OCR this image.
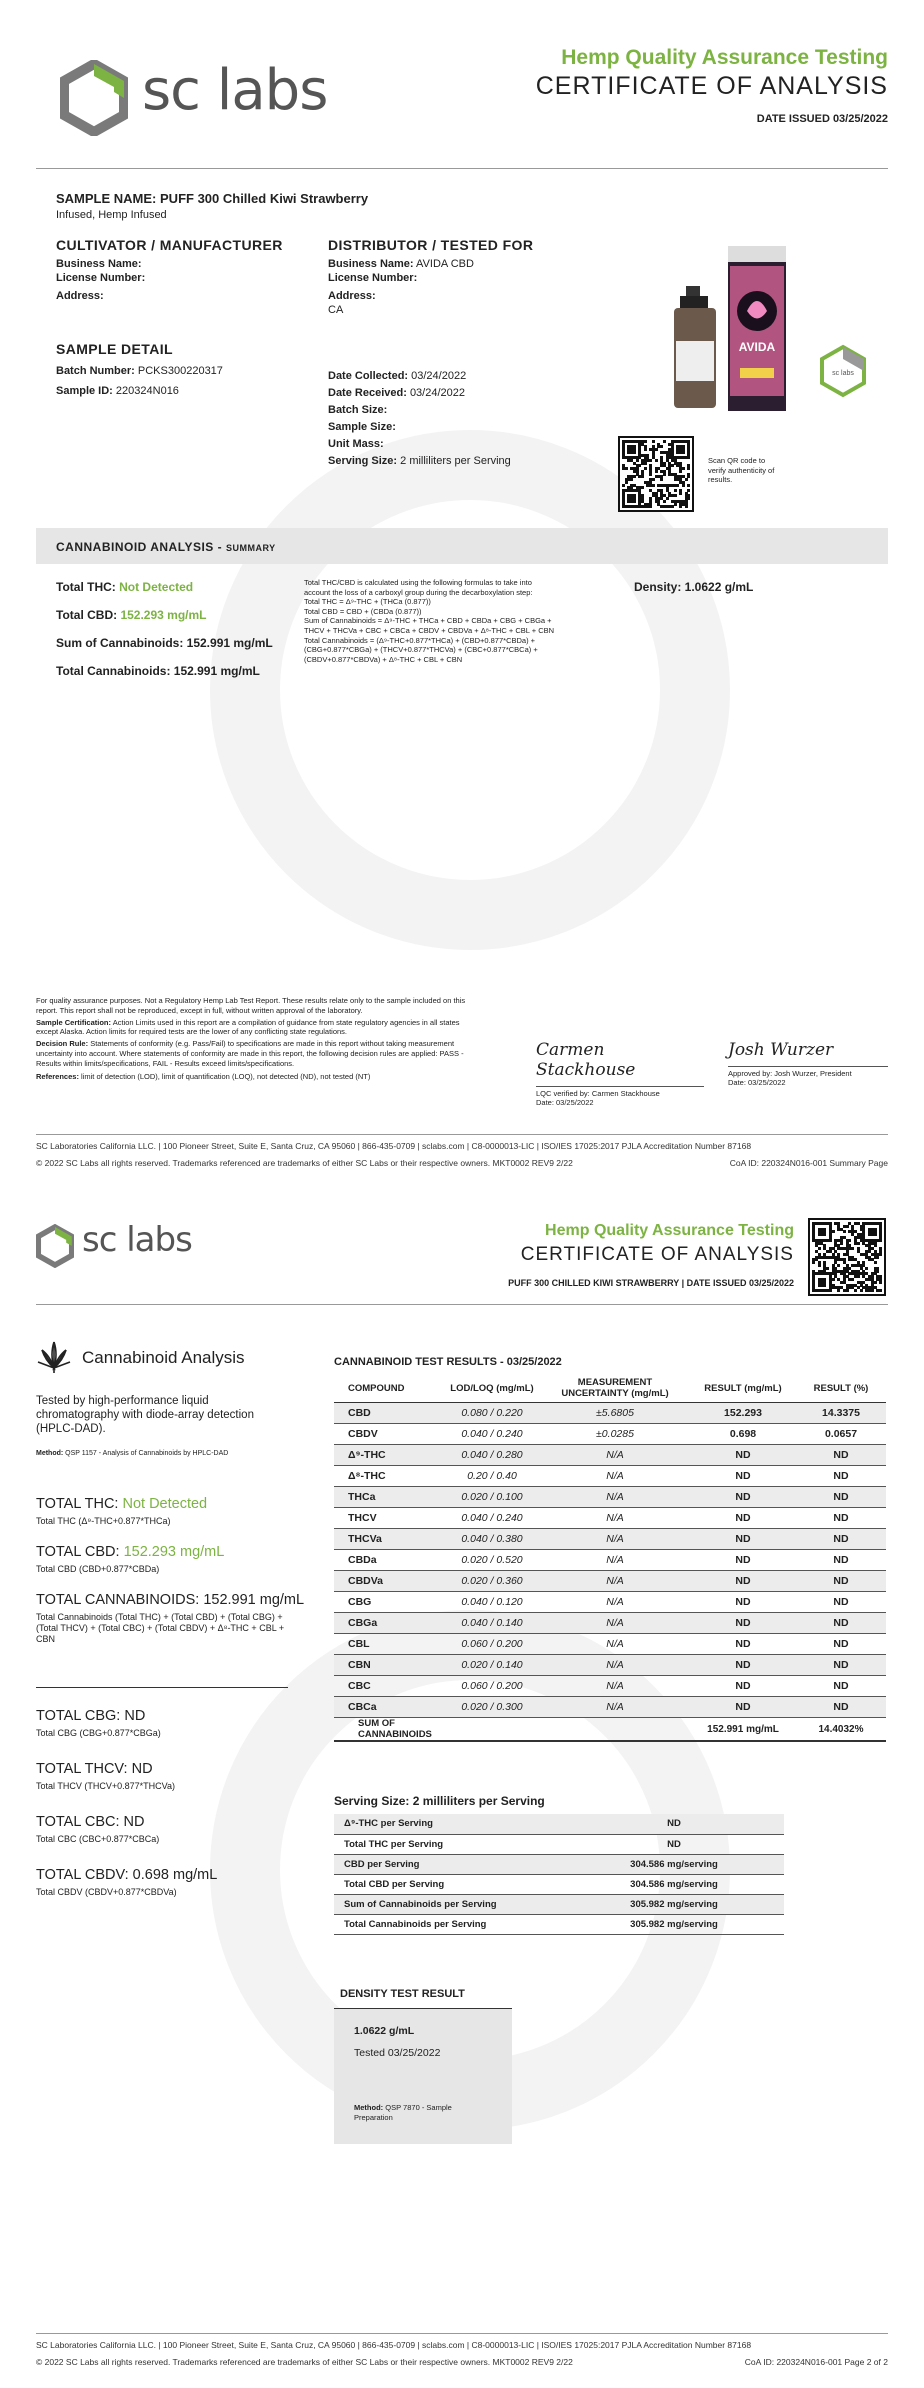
sc labs
Hemp Quality Assurance Testing
CERTIFICATE OF ANALYSIS
DATE ISSUED 03/25/2022
SAMPLE NAME: PUFF 300 Chilled Kiwi Strawberry
Infused, Hemp Infused
CULTIVATOR / MANUFACTURER
Business Name:
License Number:
Address:
DISTRIBUTOR / TESTED FOR
Business Name: AVIDA CBD
License Number:
Address:
CA
SAMPLE DETAIL
Batch Number: PCKS300220317
Sample ID: 220324N016
Date Collected: 03/24/2022
Date Received: 03/24/2022
Batch Size:
Sample Size:
Unit Mass:
Serving Size: 2 milliliters per Serving
AVIDA
sc labs
Scan QR code to verify authenticity of results.
CANNABINOID ANALYSIS - SUMMARY
Total THC: Not Detected
Total CBD: 152.293 mg/mL
Sum of Cannabinoids: 152.991 mg/mL
Total Cannabinoids: 152.991 mg/mL
Total THC/CBD is calculated using the following formulas to take into
account the loss of a carboxyl group during the decarboxylation step:
Total THC = Δ⁹-THC + (THCa (0.877))
Total CBD = CBD + (CBDa (0.877))
Sum of Cannabinoids = Δ⁹-THC + THCa + CBD + CBDa + CBG + CBGa +
THCV + THCVa + CBC + CBCa + CBDV + CBDVa + Δ⁸-THC + CBL + CBN
Total Cannabinoids = (Δ⁹-THC+0.877*THCa) + (CBD+0.877*CBDa) +
(CBG+0.877*CBGa) + (THCV+0.877*THCVa) + (CBC+0.877*CBCa) +
(CBDV+0.877*CBDVa) + Δ⁸-THC + CBL + CBN
Density: 1.0622 g/mL
For quality assurance purposes. Not a Regulatory Hemp Lab Test Report. These results relate only to the sample included on this report. This report shall not be reproduced, except in full, without written approval of the laboratory.
Sample Certification: Action Limits used in this report are a compilation of guidance from state regulatory agencies in all states except Alaska. Action limits for required tests are the lower of any conflicting state regulations.
Decision Rule: Statements of conformity (e.g. Pass/Fail) to specifications are made in this report without taking measurement uncertainty into account. Where statements of conformity are made in this report, the following decision rules are applied: PASS - Results within limits/specifications, FAIL - Results exceed limits/specifications.
References: limit of detection (LOD), limit of quantification (LOQ), not detected (ND), not tested (NT)
Carmen Stackhouse
LQC verified by: Carmen Stackhouse
Date: 03/25/2022
Josh Wurzer
Approved by: Josh Wurzer, President
Date: 03/25/2022
SC Laboratories California LLC. | 100 Pioneer Street, Suite E, Santa Cruz, CA 95060 | 866-435-0709 | sclabs.com | C8-0000013-LIC | ISO/IES 17025:2017 PJLA Accreditation Number 87168
© 2022 SC Labs all rights reserved. Trademarks referenced are trademarks of either SC Labs or their respective owners. MKT0002 REV9 2/22	CoA ID: 220324N016-001 Summary Page
sc labs	Hemp Quality Assurance Testing
CERTIFICATE OF ANALYSIS
PUFF 300 CHILLED KIWI STRAWBERRY | DATE ISSUED 03/25/2022
Cannabinoid Analysis
Tested by high-performance liquid chromatography with diode-array detection (HPLC-DAD).
Method: QSP 1157 - Analysis of Cannabinoids by HPLC-DAD
TOTAL THC: Not Detected
Total THC (Δ⁹-THC+0.877*THCa)
TOTAL CBD: 152.293 mg/mL
Total CBD (CBD+0.877*CBDa)
TOTAL CANNABINOIDS: 152.991 mg/mL
Total Cannabinoids (Total THC) + (Total CBD) + (Total CBG) + (Total THCV) + (Total CBC) + (Total CBDV) + Δ⁸-THC + CBL + CBN
TOTAL CBG: ND
Total CBG (CBG+0.877*CBGa)
TOTAL THCV: ND
Total THCV (THCV+0.877*THCVa)
TOTAL CBC: ND
Total CBC (CBC+0.877*CBCa)
TOTAL CBDV: 0.698 mg/mL
Total CBDV (CBDV+0.877*CBDVa)
CANNABINOID TEST RESULTS - 03/25/2022
COMPOUND	LOD/LOQ (mg/mL)	MEASUREMENT UNCERTAINTY (mg/mL)	RESULT (mg/mL)	RESULT (%)
CBD	0.080 / 0.220	±5.6805	152.293	14.3375
CBDV	0.040 / 0.240	±0.0285	0.698	0.0657
Δ⁹-THC	0.040 / 0.280	N/A	ND	ND
Δ⁸-THC	0.20 / 0.40	N/A	ND	ND
THCa	0.020 / 0.100	N/A	ND	ND
THCV	0.040 / 0.240	N/A	ND	ND
THCVa	0.040 / 0.380	N/A	ND	ND
CBDa	0.020 / 0.520	N/A	ND	ND
CBDVa	0.020 / 0.360	N/A	ND	ND
CBG	0.040 / 0.120	N/A	ND	ND
CBGa	0.040 / 0.140	N/A	ND	ND
CBL	0.060 / 0.200	N/A	ND	ND
CBN	0.020 / 0.140	N/A	ND	ND
CBC	0.060 / 0.200	N/A	ND	ND
CBCa	0.020 / 0.300	N/A	ND	ND
SUM OF CANNABINOIDS			152.991 mg/mL	14.4032%
Serving Size: 2 milliliters per Serving
Δ⁹-THC per Serving	ND
Total THC per Serving	ND
CBD per Serving	304.586 mg/serving
Total CBD per Serving	304.586 mg/serving
Sum of Cannabinoids per Serving	305.982 mg/serving
Total Cannabinoids per Serving	305.982 mg/serving
DENSITY TEST RESULT
1.0622 g/mL
Tested 03/25/2022
Method: QSP 7870 - Sample Preparation
SC Laboratories California LLC. | 100 Pioneer Street, Suite E, Santa Cruz, CA 95060 | 866-435-0709 | sclabs.com | C8-0000013-LIC | ISO/IES 17025:2017 PJLA Accreditation Number 87168
© 2022 SC Labs all rights reserved. Trademarks referenced are trademarks of either SC Labs or their respective owners. MKT0002 REV9 2/22	CoA ID: 220324N016-001 Page 2 of 2
